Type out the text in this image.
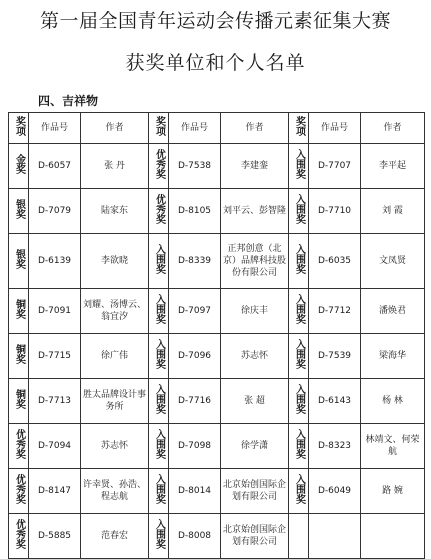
第一届全国青年运动会传播元素征集大赛
获奖单位和个人名单
四、吉祥物
奖项	作品号	作者	奖项	作品号	作者	奖项	作品号	作者
金奖	D-6057	张 丹	优秀奖	D-7538	李建銮	入围奖	D-7707	李平起
银奖	D-7079	陆家东	优秀奖	D-8105	刘平云、彭智隆	入围奖	D-7710	刘 霞
银奖	D-6139	李欲晓	入围奖	D-8339	正邦创意（北京）品牌科技股份有限公司	入围奖	D-6035	文凤贤
铜奖	D-7091	刘耀、汤博云、翁宜汐	入围奖	D-7097	徐庆丰	入围奖	D-7712	潘焕君
铜奖	D-7715	徐广伟	入围奖	D-7096	苏志怀	入围奖	D-7539	梁海华
铜奖	D-7713	胜太品牌设计事务所	入围奖	D-7716	张 超	入围奖	D-6143	杨 林
优秀奖	D-7094	苏志怀	入围奖	D-7098	徐学潇	入围奖	D-8323	林靖文、何荣航
优秀奖	D-8147	许幸贤、孙浩、程志航	入围奖	D-8014	北京始创国际企划有限公司	入围奖	D-6049	路 婉
优秀奖	D-5885	范春宏	入围奖	D-8008	北京始创国际企划有限公司			
